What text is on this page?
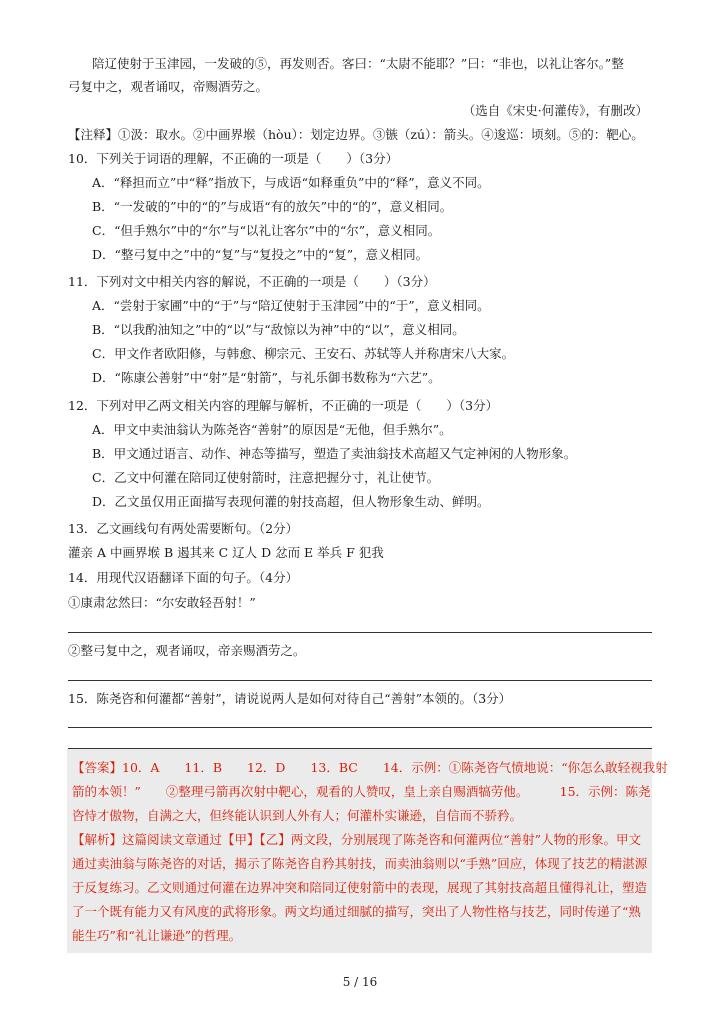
陪辽使射于玉津园，一发破的⑤，再发则否。客曰：“太尉不能耶？”曰：“非也，以礼让客尔。”整
弓复中之，观者诵叹，帝赐酒劳之。
（选自《宋史·何灌传》，有删改）
【注释】①汲：取水。②中画界堠（hòu）：划定边界。③镞（zú）：箭头。④逡巡：顷刻。⑤的：靶心。
10．下列关于词语的理解，不正确的一项是（　　）（3分）
A．“释担而立”中“释”指放下，与成语“如释重负”中的“释”，意义不同。
B．“一发破的”中的“的”与成语“有的放矢”中的“的”，意义相同。
C．“但手熟尔”中的“尔”与“以礼让客尔”中的“尔”，意义相同。
D．“整弓复中之”中的“复”与“复投之”中的“复”，意义相同。
11．下列对文中相关内容的解说，不正确的一项是（　　）（3分）
A．“尝射于家圃”中的“于”与“陪辽使射于玉津园”中的“于”，意义相同。
B．“以我酌油知之”中的“以”与“敌惊以为神”中的“以”，意义相同。
C．甲文作者欧阳修，与韩愈、柳宗元、王安石、苏轼等人并称唐宋八大家。
D．“陈康公善射”中“射”是“射箭”，与礼乐御书数称为“六艺”。
12．下列对甲乙两文相关内容的理解与解析，不正确的一项是（　　）（3分）
A．甲文中卖油翁认为陈尧咨“善射”的原因是“无他，但手熟尔”。
B．甲文通过语言、动作、神态等描写，塑造了卖油翁技术高超又气定神闲的人物形象。
C．乙文中何灌在陪同辽使射箭时，注意把握分寸，礼让使节。
D．乙文虽仅用正面描写表现何灌的射技高超，但人物形象生动、鲜明。
13．乙文画线句有两处需要断句。（2分）
灌亲 A 中画界堠 B 遏其来 C 辽人 D 忿而 E 举兵 F 犯我
14．用现代汉语翻译下面的句子。（4分）
①康肃忿然曰：“尔安敢轻吾射！”
②整弓复中之，观者诵叹，帝亲赐酒劳之。
15．陈尧咨和何灌都“善射”，请说说两人是如何对待自己“善射”本领的。（3分）
【答案】10．A　　11．B　　12．D　　13．BC　　14．示例：①陈尧咨气愤地说：“你怎么敢轻视我射
箭的本领！”　　②整理弓箭再次射中靶心，观看的人赞叹，皇上亲自赐酒犒劳他。　　　15．示例：陈尧
咨恃才傲物，自满之大，但终能认识到人外有人；何灌朴实谦逊，自信而不骄矜。
【解析】这篇阅读文章通过【甲】【乙】两文段，分别展现了陈尧咨和何灌两位“善射”人物的形象。甲文
通过卖油翁与陈尧咨的对话，揭示了陈尧咨自矜其射技，而卖油翁则以“手熟”回应，体现了技艺的精湛源
于反复练习。乙文则通过何灌在边界冲突和陪同辽使射箭中的表现，展现了其射技高超且懂得礼让，塑造
了一个既有能力又有风度的武将形象。两文均通过细腻的描写，突出了人物性格与技艺，同时传递了“熟
能生巧”和“礼让谦逊”的哲理。
5 / 16
